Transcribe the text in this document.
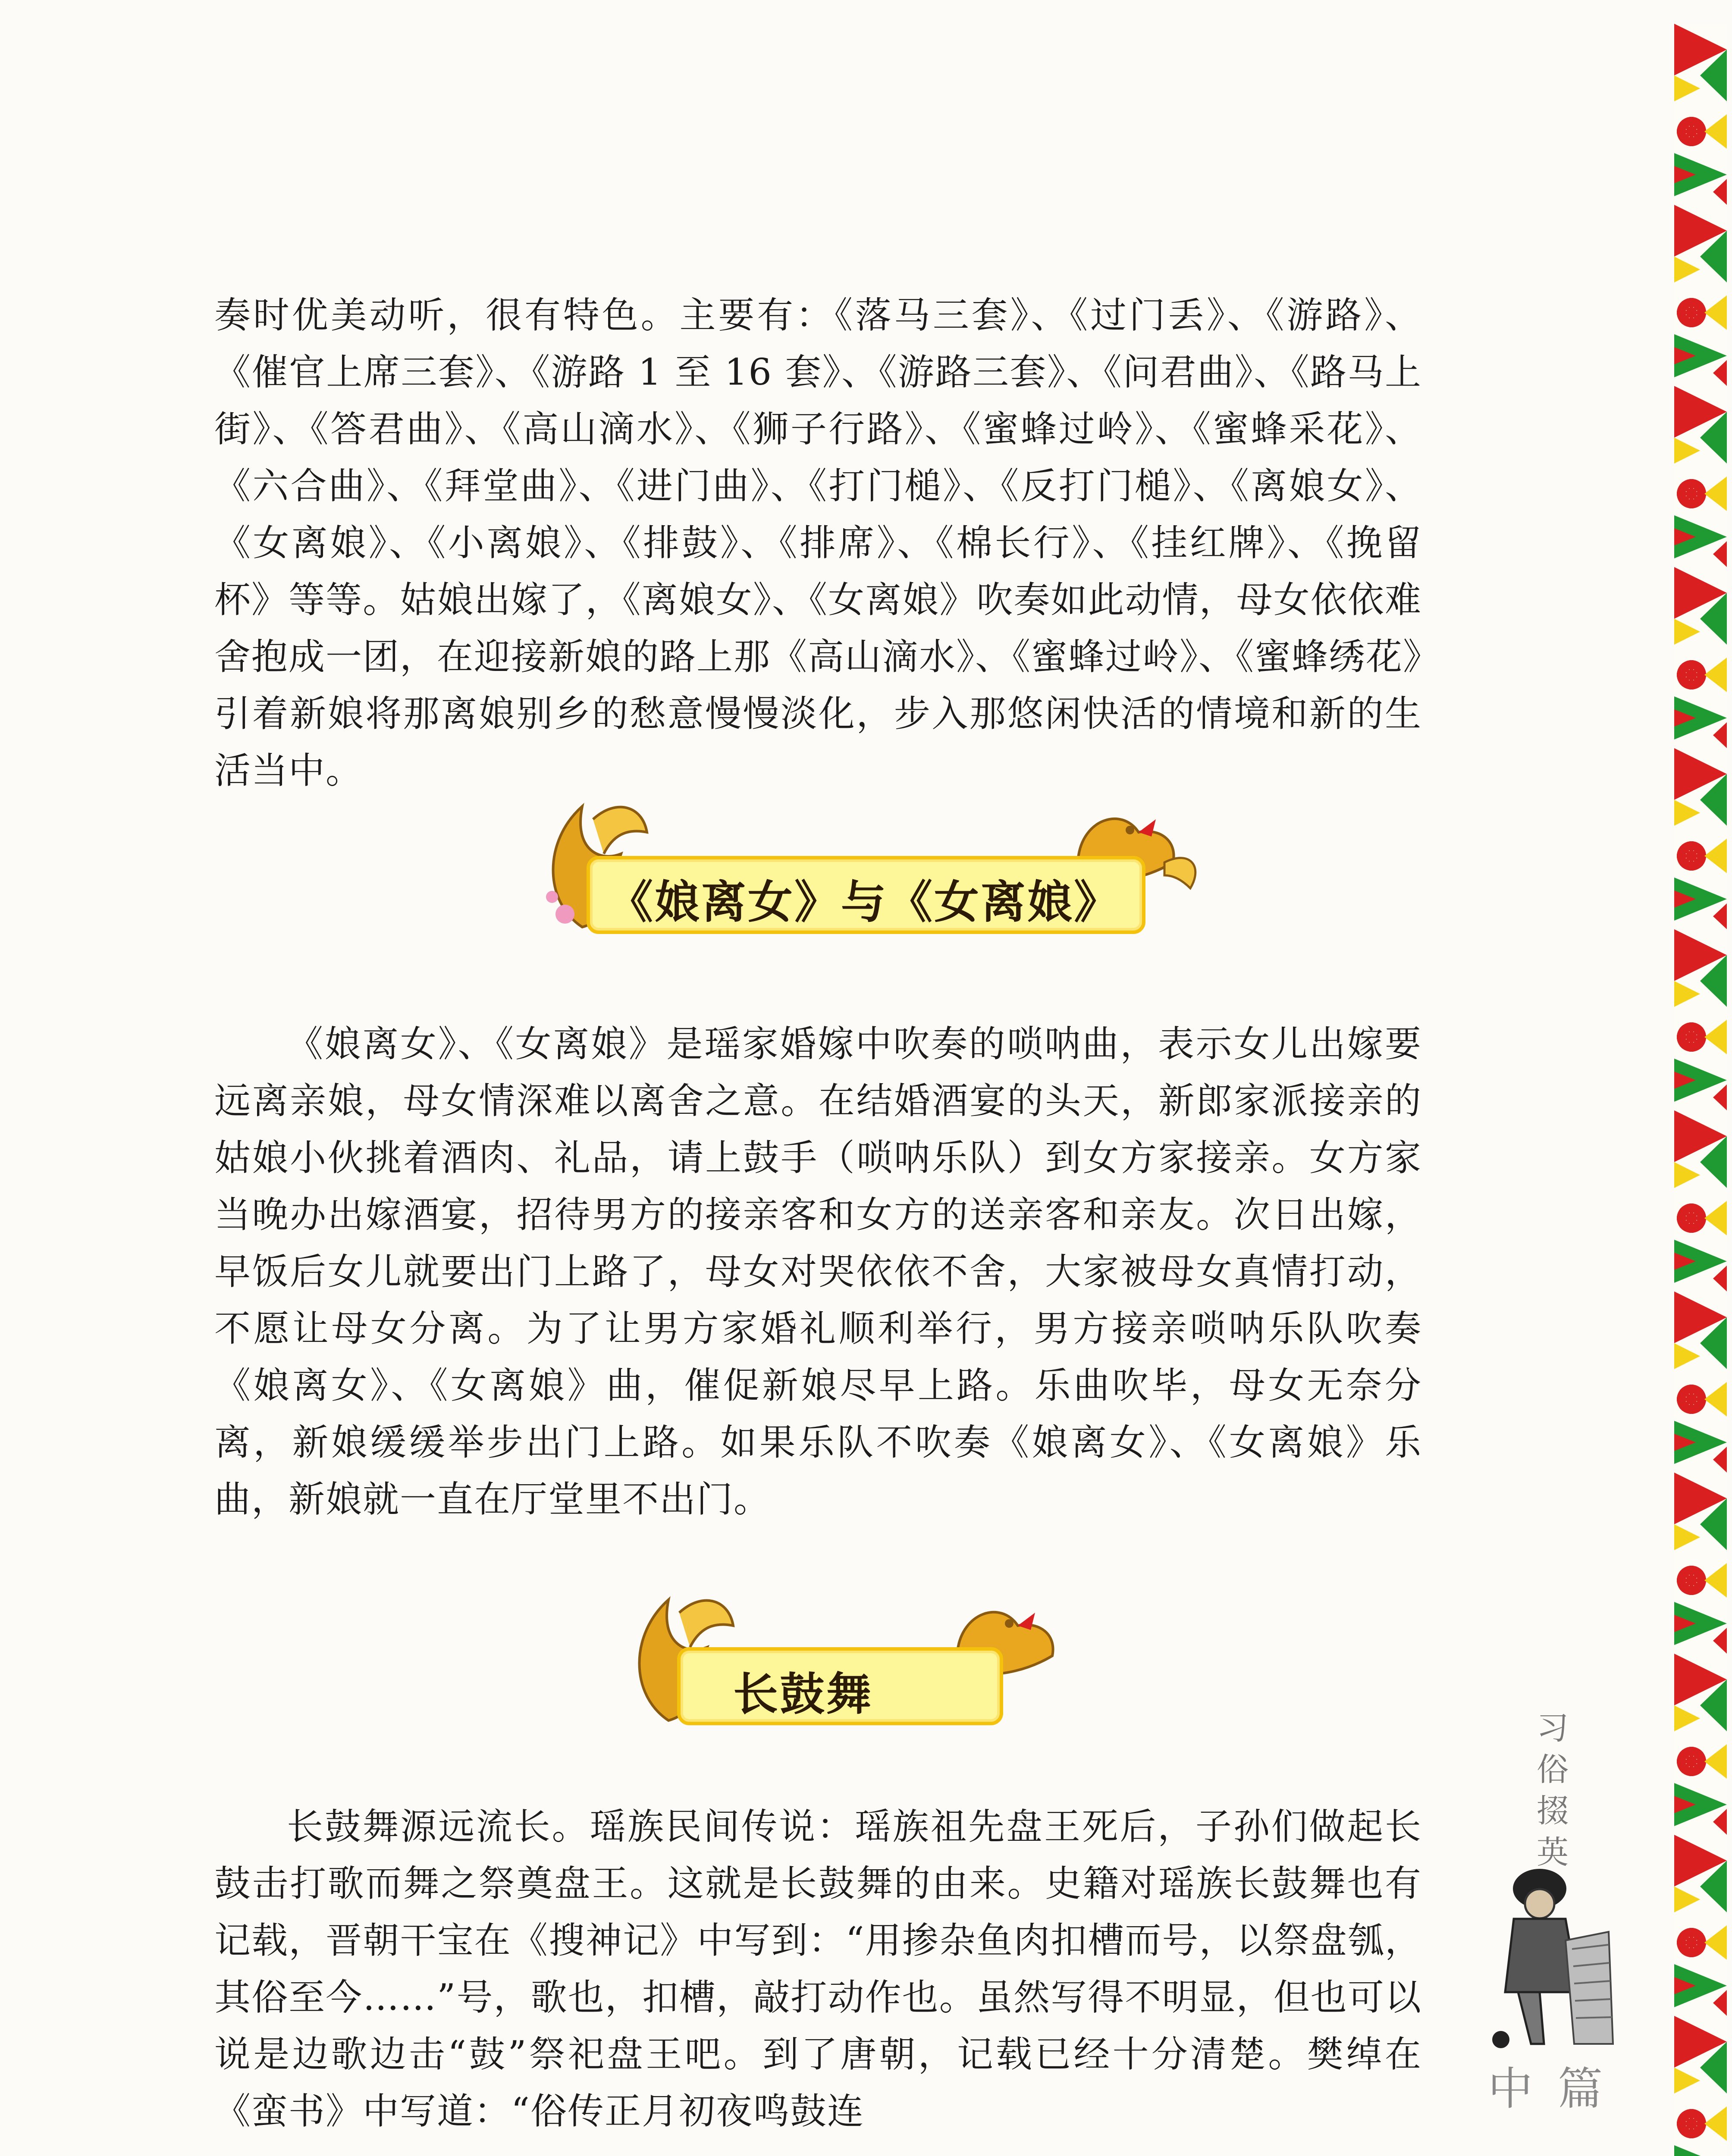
奏时优美动听，很有特色。主要有：《落马三套》、《过门丢》、《游路》、《催官上席三套》、《游路 1 至 16 套》、《游路三套》、《问君曲》、《路马上街》、《答君曲》、《高山滴水》、《狮子行路》、《蜜蜂过岭》、《蜜蜂采花》、《六合曲》、《拜堂曲》、《进门曲》、《打门槌》、《反打门槌》、《离娘女》、《女离娘》、《小离娘》、《排鼓》、《排席》、《棉长行》、《挂红牌》、《挽留杯》等等。姑娘出嫁了，《离娘女》、《女离娘》吹奏如此动情，母女依依难舍抱成一团，在迎接新娘的路上那《高山滴水》、《蜜蜂过岭》、《蜜蜂绣花》引着新娘将那离娘别乡的愁意慢慢淡化，步入那悠闲快活的情境和新的生活当中。

《娘离女》与《女离娘》

《娘离女》、《女离娘》是瑶家婚嫁中吹奏的唢呐曲，表示女儿出嫁要远离亲娘，母女情深难以离舍之意。在结婚酒宴的头天，新郎家派接亲的姑娘小伙挑着酒肉、礼品，请上鼓手（唢呐乐队）到女方家接亲。女方家当晚办出嫁酒宴，招待男方的接亲客和女方的送亲客和亲友。次日出嫁，早饭后女儿就要出门上路了，母女对哭依依不舍，大家被母女真情打动，不愿让母女分离。为了让男方家婚礼顺利举行，男方接亲唢呐乐队吹奏《娘离女》、《女离娘》曲，催促新娘尽早上路。乐曲吹毕，母女无奈分离，新娘缓缓举步出门上路。如果乐队不吹奏《娘离女》、《女离娘》乐曲，新娘就一直在厅堂里不出门。

长鼓舞

长鼓舞源远流长。瑶族民间传说：瑶族祖先盘王死后，子孙们做起长鼓击打歌而舞之祭奠盘王。这就是长鼓舞的由来。史籍对瑶族长鼓舞也有记载，晋朝干宝在《搜神记》中写到：“用掺杂鱼肉扣槽而号，以祭盘瓠，其俗至今……”号，歌也，扣槽，敲打动作也。虽然写得不明显，但也可以说是边歌边击“鼓”祭祀盘王吧。到了唐朝，记载已经十分清楚。樊绰在《蛮书》中写道：“俗传正月初夜鸣鼓连

习俗掇英
中篇
